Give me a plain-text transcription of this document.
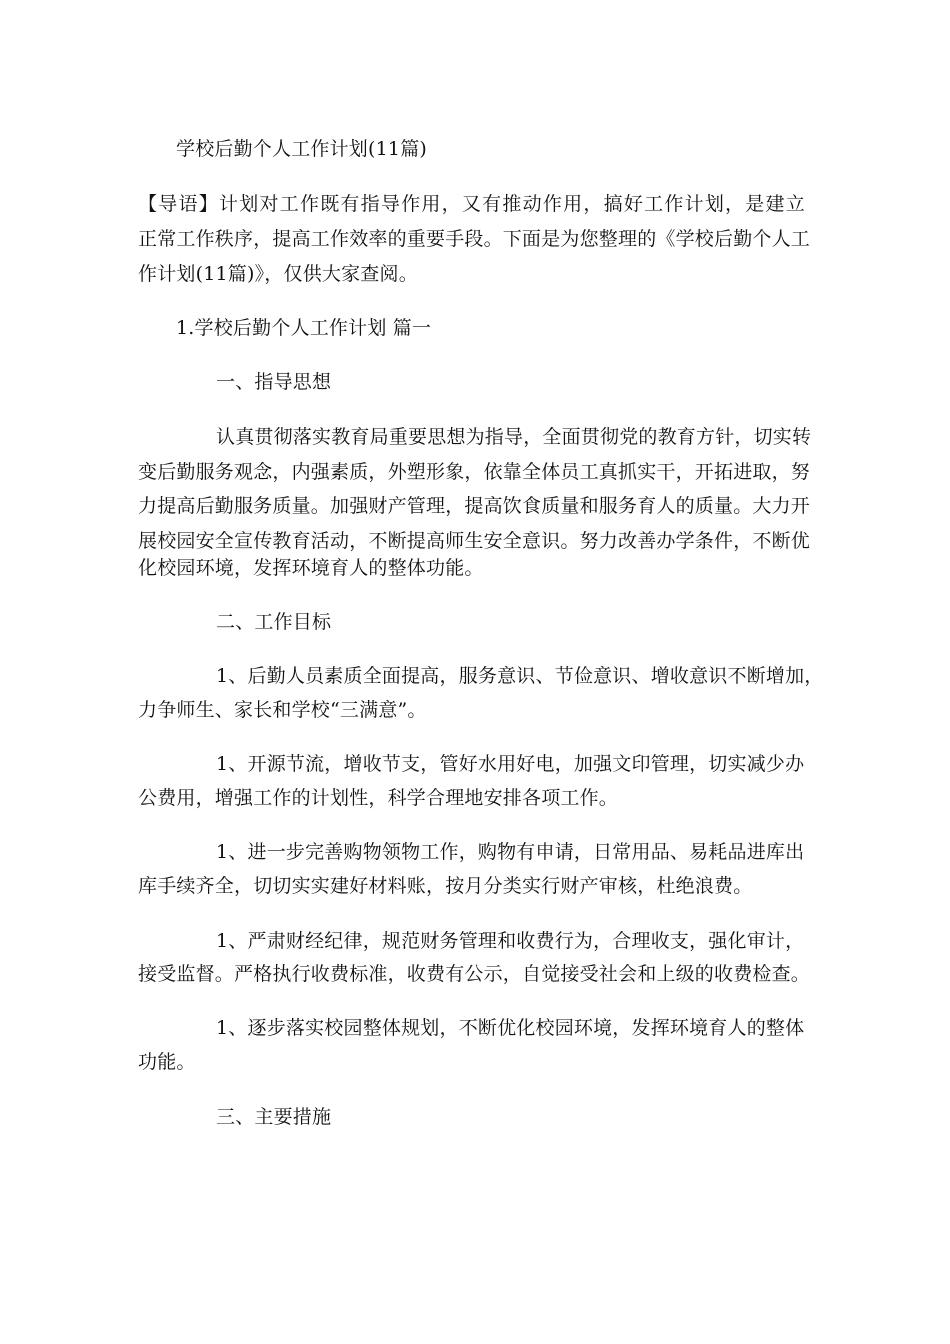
学校后勤个人工作计划(11篇)
【导语】计划对工作既有指导作用，又有推动作用，搞好工作计划，是建立
正常工作秩序，提高工作效率的重要手段。下面是为您整理的《学校后勤个人工
作计划(11篇)》，仅供大家查阅。
1.学校后勤个人工作计划 篇一
一、指导思想
认真贯彻落实教育局重要思想为指导，全面贯彻党的教育方针，切实转
变后勤服务观念，内强素质，外塑形象，依靠全体员工真抓实干，开拓进取，努
力提高后勤服务质量。加强财产管理，提高饮食质量和服务育人的质量。大力开
展校园安全宣传教育活动，不断提高师生安全意识。努力改善办学条件，不断优
化校园环境，发挥环境育人的整体功能。
二、工作目标
1、后勤人员素质全面提高，服务意识、节俭意识、增收意识不断增加，
力争师生、家长和学校“三满意”。
1、开源节流，增收节支，管好水用好电，加强文印管理，切实减少办
公费用，增强工作的计划性，科学合理地安排各项工作。
1、进一步完善购物领物工作，购物有申请，日常用品、易耗品进库出
库手续齐全，切切实实建好材料账，按月分类实行财产审核，杜绝浪费。
1、严肃财经纪律，规范财务管理和收费行为，合理收支，强化审计，
接受监督。严格执行收费标准，收费有公示，自觉接受社会和上级的收费检查。
1、逐步落实校园整体规划，不断优化校园环境，发挥环境育人的整体
功能。
三、主要措施
